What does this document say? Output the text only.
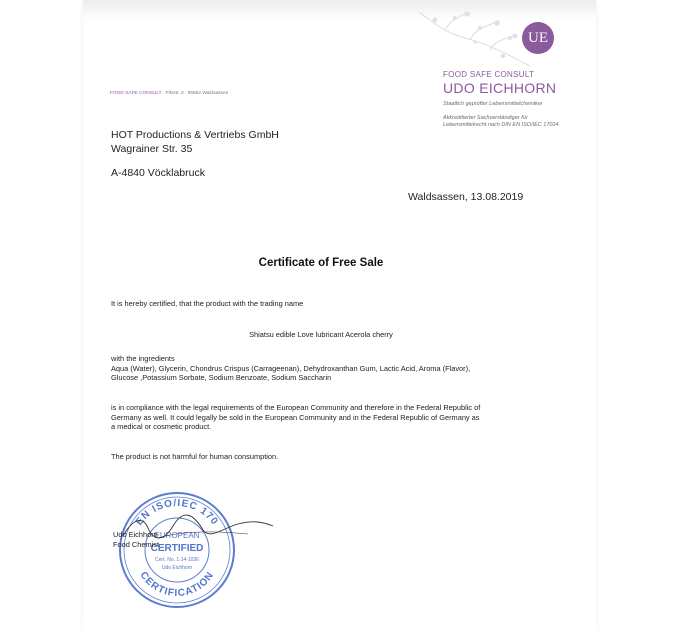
UE
FOOD SAFE CONSULT
UDO EICHHORN
Staatlich geprüfter Lebensmittelchemiker
Akkreditierter Sachverständiger für
Lebensmittelrecht nach DIN EN ISO/IEC 17024
FOOD SAFE CONSULT . Pilzstr. 2 . 95652 Waldsassen
HOT Productions & Vertriebs GmbH
Wagrainer Str. 35
A-4840 Vöcklabruck
Waldsassen, 13.08.2019
Certificate of Free Sale
It is hereby certified, that the product with the trading name
Shiatsu edible Love lubricant Acerola cherry
with the ingredients
Aqua (Water), Glycerin, Chondrus Crispus (Carrageenan), Dehydroxanthan Gum, Lactic Acid, Aroma (Flavor),
Glucose ,Potassium Sorbate, Sodium Benzoate, Sodium Saccharin
is in compliance with the legal requirements of the European Community and therefore in the Federal Republic of
Germany as well. It could legally be sold in the European Community and in the Federal Republic of Germany as
a medical or cosmetic product.
The product is not harmful for human consumption.
EN ISO/IEC 170
CERTIFICATION
EUROPEAN
CERTIFIED
Cert. No. 1.14-1036
Udo Eichhorn
Udo Eichhorn
Food Chemist
